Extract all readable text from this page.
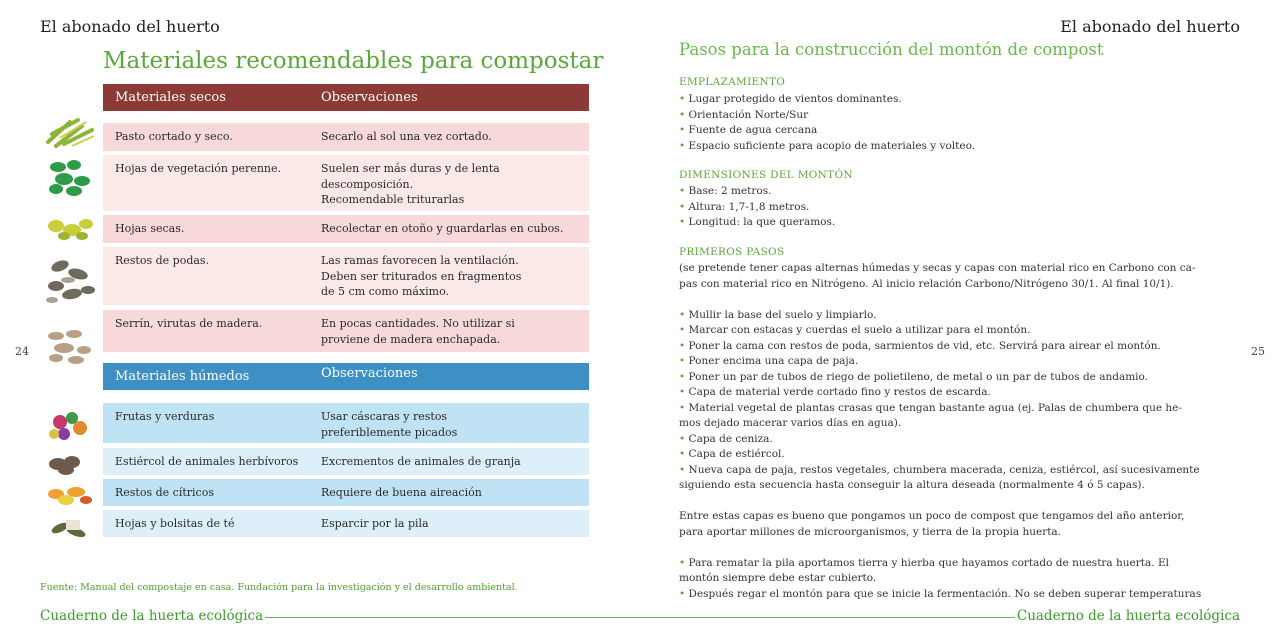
El abonado del huerto	El abonado del huerto
24	25
Materiales recomendables para compostar
Materiales secos	Observaciones
Pasto cortado y seco.	Secarlo al sol una vez cortado.
Hojas de vegetación perenne.	Suelen ser más duras y de lenta
descomposición.
Recomendable triturarlas
Hojas secas.	Recolectar en otoño y guardarlas en cubos.
Restos de podas.	Las ramas favorecen la ventilación.
Deben ser triturados en fragmentos
de 5 cm como máximo.
Serrín, virutas de madera.	En pocas cantidades. No utilizar si
proviene de madera enchapada.
Materiales húmedos	Observaciones
Frutas y verduras	Usar cáscaras y restos
preferiblemente picados
Estiércol de animales herbívoros	Excrementos de animales de granja
Restos de cítricos	Requiere de buena aireación
Hojas y bolsitas de té	Esparcir por la pila
Fuente: Manual del compostaje en casa. Fundación para la investigación y el desarrollo ambiental.
Pasos para la construcción del montón de compost
EMPLAZAMIENTO
• Lugar protegido de vientos dominantes.
• Orientación Norte/Sur
• Fuente de agua cercana
• Espacio suficiente para acopio de materiales y volteo.
DIMENSIONES DEL MONTÓN
• Base: 2 metros.
• Altura: 1,7-1,8 metros.
• Longitud: la que queramos.
PRIMEROS PASOS
(se pretende tener capas alternas húmedas y secas y capas con material rico en Carbono con ca-
pas con material rico en Nitrógeno. Al inicio relación Carbono/Nitrógeno 30/1. Al final 10/1).
• Mullir la base del suelo y limpiarlo.
• Marcar con estacas y cuerdas el suelo a utilizar para el montón.
• Poner la cama con restos de poda, sarmientos de vid, etc. Servirá para airear el montón.
• Poner encima una capa de paja.
• Poner un par de tubos de riego de polietileno, de metal o un par de tubos de andamio.
• Capa de material verde cortado fino y restos de escarda.
• Material vegetal de plantas crasas que tengan bastante agua (ej. Palas de chumbera que he-
mos dejado macerar varios días en agua).
• Capa de ceniza.
• Capa de estiércol.
• Nueva capa de paja, restos vegetales, chumbera macerada, ceniza, estiércol, así sucesivamente
siguiendo esta secuencia hasta conseguir la altura deseada (normalmente 4 ó 5 capas).
Entre estas capas es bueno que pongamos un poco de compost que tengamos del año anterior,
para aportar millones de microorganismos, y tierra de la propia huerta.
• Para rematar la pila aportamos tierra y hierba que hayamos cortado de nuestra huerta. El
montón siempre debe estar cubierto.
• Después regar el montón para que se inicie la fermentación. No se deben superar temperaturas
Cuaderno de la huerta ecológica	Cuaderno de la huerta ecológica
